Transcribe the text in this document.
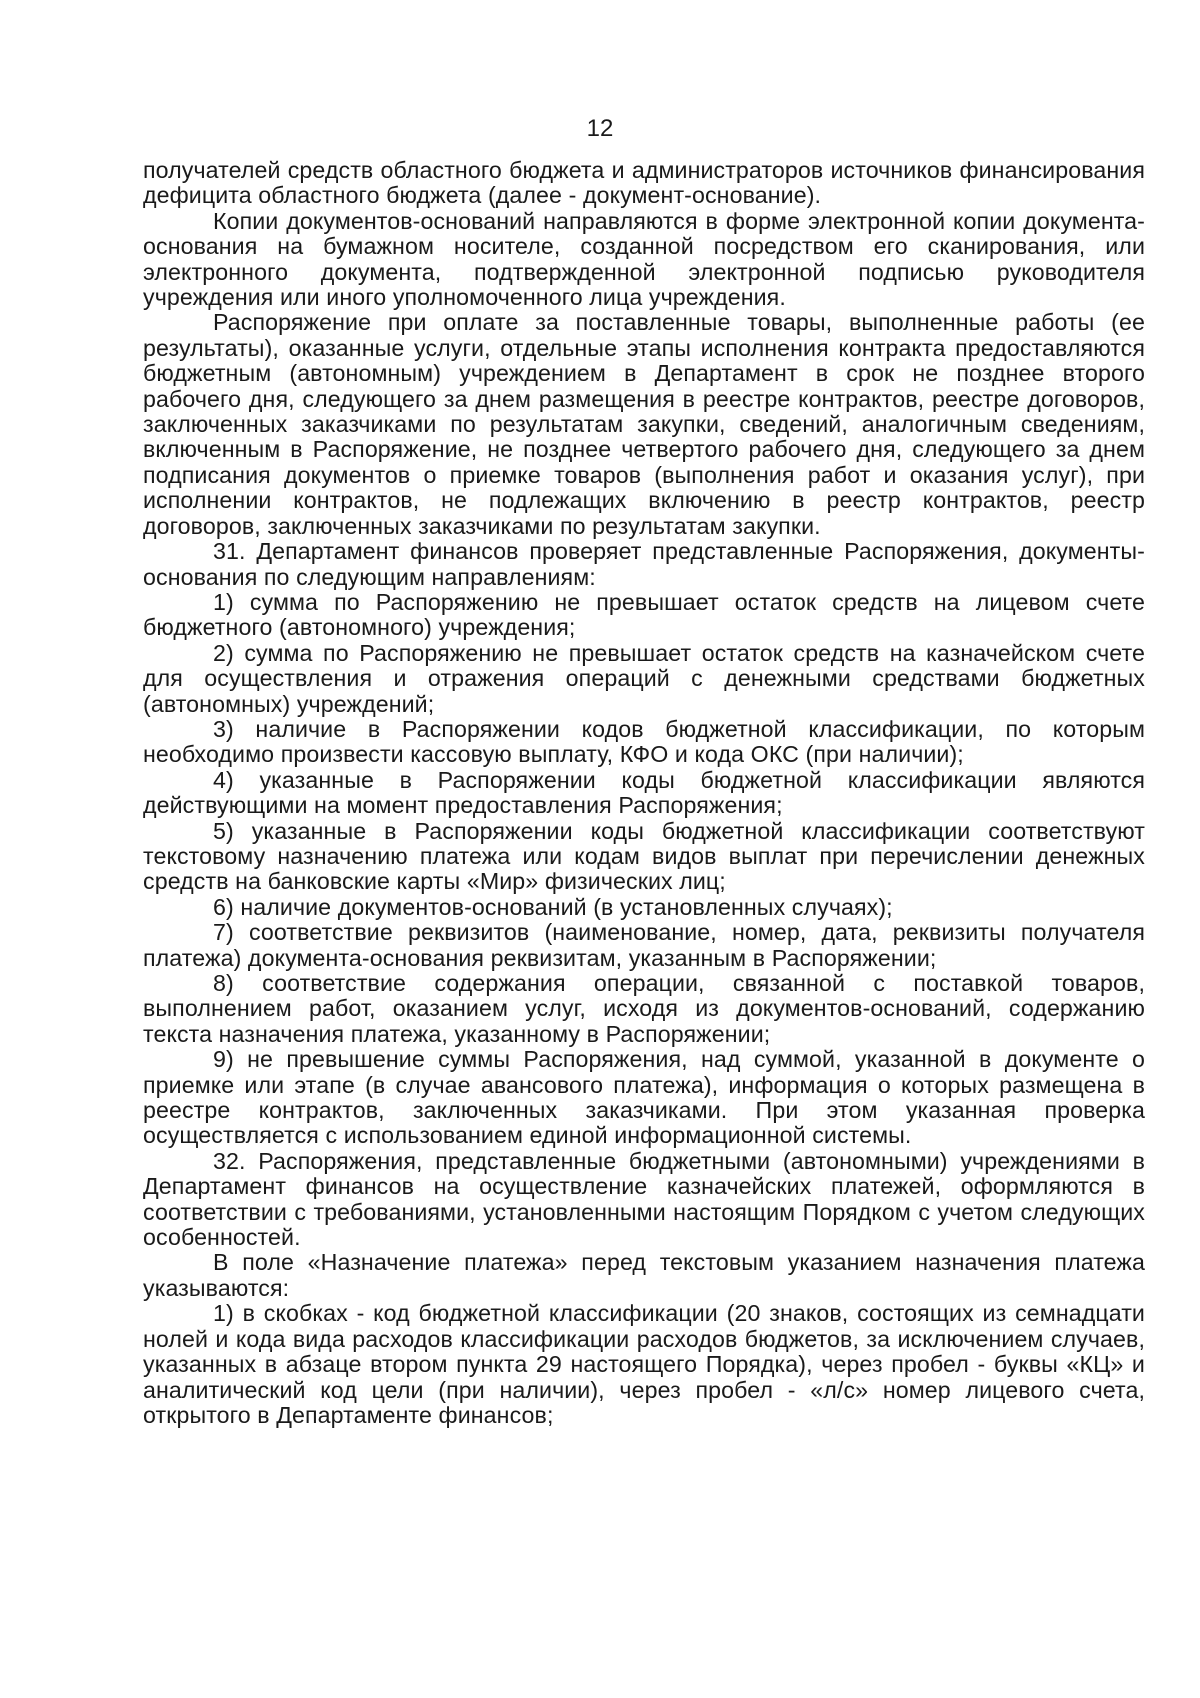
12

получателей средств областного бюджета и администраторов источников финансирования дефицита областного бюджета (далее - документ-основание).

Копии документов-оснований направляются в форме электронной копии документа-основания на бумажном носителе, созданной посредством его сканирования, или электронного документа, подтвержденной электронной подписью руководителя учреждения или иного уполномоченного лица учреждения.

Распоряжение при оплате за поставленные товары, выполненные работы (ее результаты), оказанные услуги, отдельные этапы исполнения контракта предоставляются бюджетным (автономным) учреждением в Департамент в срок не позднее второго рабочего дня, следующего за днем размещения в реестре контрактов, реестре договоров, заключенных заказчиками по результатам закупки, сведений, аналогичным сведениям, включенным в Распоряжение, не позднее четвертого рабочего дня, следующего за днем подписания документов о приемке товаров (выполнения работ и оказания услуг), при исполнении контрактов, не подлежащих включению в реестр контрактов, реестр договоров, заключенных заказчиками по результатам закупки.

31. Департамент финансов проверяет представленные Распоряжения, документы-основания по следующим направлениям:

1) сумма по Распоряжению не превышает остаток средств на лицевом счете бюджетного (автономного) учреждения;

2) сумма по Распоряжению не превышает остаток средств на казначейском счете для осуществления и отражения операций с денежными средствами бюджетных (автономных) учреждений;

3) наличие в Распоряжении кодов бюджетной классификации, по которым необходимо произвести кассовую выплату, КФО и кода ОКС (при наличии);

4) указанные в Распоряжении коды бюджетной классификации являются действующими на момент предоставления Распоряжения;

5) указанные в Распоряжении коды бюджетной классификации соответствуют текстовому назначению платежа или кодам видов выплат при перечислении денежных средств на банковские карты «Мир» физических лиц;

6) наличие документов-оснований (в установленных случаях);

7) соответствие реквизитов (наименование, номер, дата, реквизиты получателя платежа) документа-основания реквизитам, указанным в Распоряжении;

8) соответствие содержания операции, связанной с поставкой товаров, выполнением работ, оказанием услуг, исходя из документов-оснований, содержанию текста назначения платежа, указанному в Распоряжении;

9) не превышение суммы Распоряжения, над суммой, указанной в документе о приемке или этапе (в случае авансового платежа), информация о которых размещена в реестре контрактов, заключенных заказчиками. При этом указанная проверка осуществляется с использованием единой информационной системы.

32. Распоряжения, представленные бюджетными (автономными) учреждениями в Департамент финансов на осуществление казначейских платежей, оформляются в соответствии с требованиями, установленными настоящим Порядком с учетом следующих особенностей.

В поле «Назначение платежа» перед текстовым указанием назначения платежа указываются:

1) в скобках - код бюджетной классификации (20 знаков, состоящих из семнадцати нолей и кода вида расходов классификации расходов бюджетов, за исключением случаев, указанных в абзаце втором пункта 29 настоящего Порядка), через пробел - буквы «КЦ» и аналитический код цели (при наличии), через пробел - «л/с» номер лицевого счета, открытого в Департаменте финансов;
